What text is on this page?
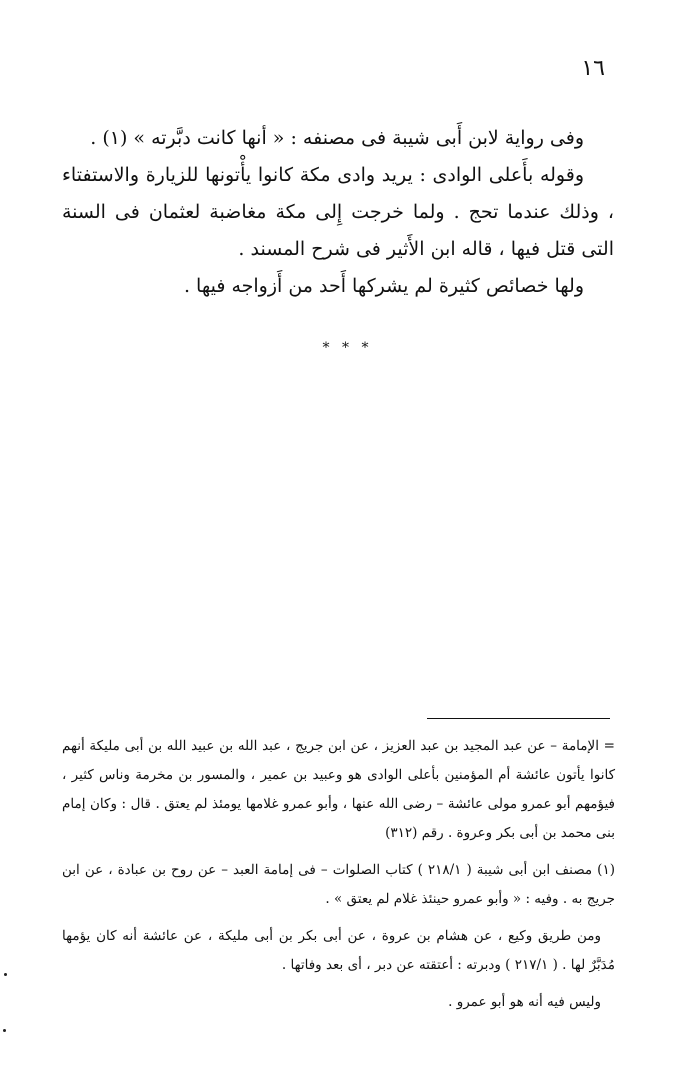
١٦

وفى رواية لابن أَبى شيبة فى مصنفه : « أنها كانت دبَّرته » (١) .

وقوله بأَعلى الوادى : يريد وادى مكة كانوا يأْتونها للزيارة والاستفتاء ، وذلك عندما تحج . ولما خرجت إِلى مكة مغاضبة لعثمان فى السنة التى قتل فيها ، قاله ابن الأَثير فى شرح المسند .

ولها خصائص كثيرة لم يشركها أَحد من أَزواجه فيها .

* * *

= الإمامة – عن عبد المجيد بن عبد العزيز ، عن ابن جريج ، عبد الله بن عبيد الله بن أبى مليكة أنهم كانوا يأتون عائشة أم المؤمنين بأعلى الوادى هو وعبيد بن عمير ، والمسور بن مخرمة وناس كثير ، فيؤمهم أبو عمرو مولى عائشة – رضى الله عنها ، وأبو عمرو غلامها يومئذ لم يعتق . قال : وكان إمام بنى محمد بن أبى بكر وعروة . رقم (٣١٢)

(١) مصنف ابن أبى شيبة ( ٢١٨/١ ) كتاب الصلوات – فى إمامة العبد – عن روح بن عبادة ، عن ابن جريج به . وفيه : « وأبو عمرو حينئذ غلام لم يعتق » .

ومن طريق وكيع ، عن هشام بن عروة ، عن أبى بكر بن أبى مليكة ، عن عائشة أنه كان يؤمها مُدَبَّرٌ لها . ( ٢١٧/١ ) ودبرته : أعتقته عن دبر ، أى بعد وفاتها .

وليس فيه أنه هو أبو عمرو .
